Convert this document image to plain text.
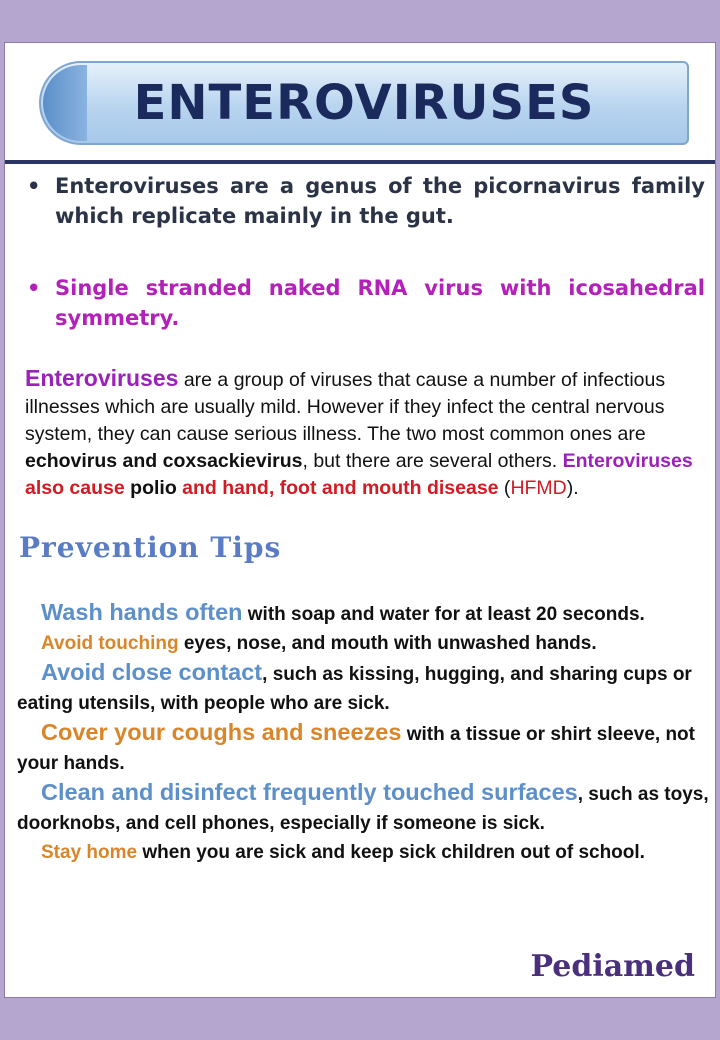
ENTEROVIRUSES
• Enteroviruses are a genus of the picornavirus family which replicate mainly in the gut.
• Single stranded naked RNA virus with icosahedral symmetry.
Enteroviruses are a group of viruses that cause a number of infectious illnesses which are usually mild. However if they infect the central nervous system, they can cause serious illness. The two most common ones are echovirus and coxsackievirus, but there are several others. Enteroviruses also cause polio and hand, foot and mouth disease (HFMD).
Prevention Tips
Wash hands often with soap and water for at least 20 seconds.
Avoid touching eyes, nose, and mouth with unwashed hands.
Avoid close contact, such as kissing, hugging, and sharing cups or eating utensils, with people who are sick.
Cover your coughs and sneezes with a tissue or shirt sleeve, not your hands.
Clean and disinfect frequently touched surfaces, such as toys, doorknobs, and cell phones, especially if someone is sick.
Stay home when you are sick and keep sick children out of school.
Pediamed
